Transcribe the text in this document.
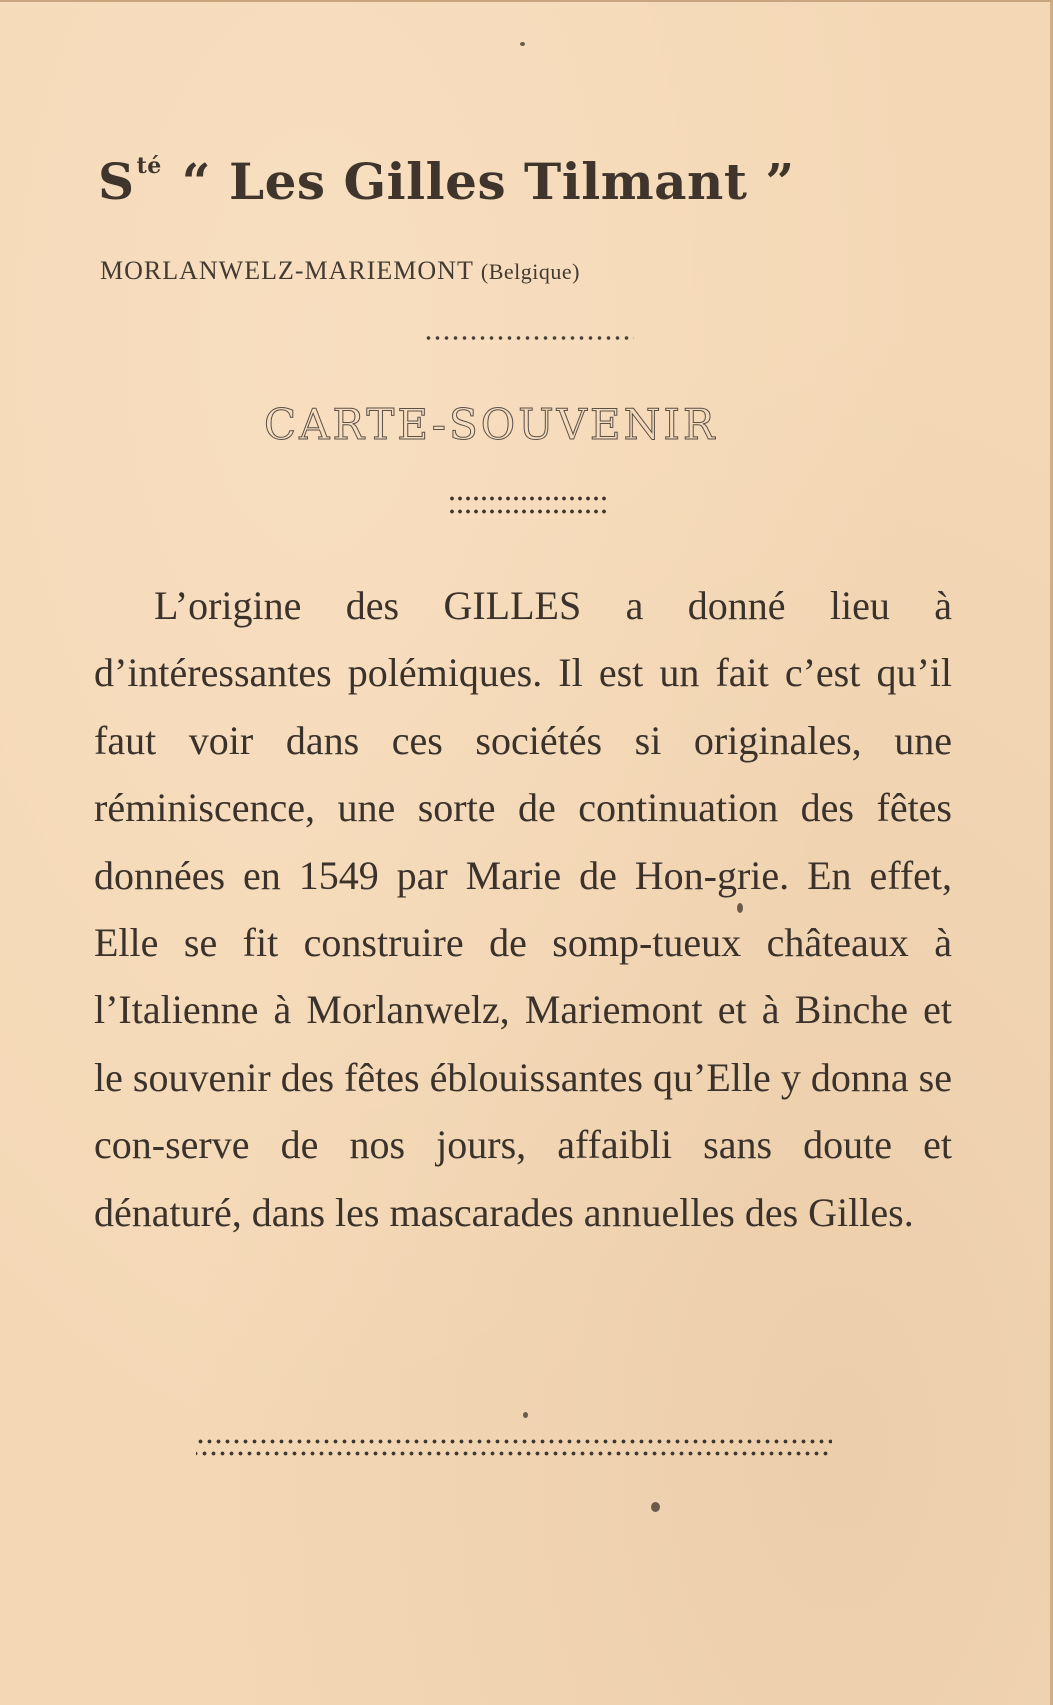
$S^{té}$ “ Les Gilles Tilmant ”
MORLANWELZ-MARIEMONT (Belgique)
CARTE-SOUVENIR

L’origine des GILLES a donné lieu à d’intéressantes polémiques. Il est un fait c’est qu’il faut voir dans ces sociétés si originales, une réminiscence, une sorte de continuation des fêtes données en 1549 par Marie de Hon-grie. En effet, Elle se fit construire de somp-tueux châteaux à l’Italienne à Morlanwelz, Mariemont et à Binche et le souvenir des fêtes éblouissantes qu’Elle y donna se con-serve de nos jours, affaibli sans doute et dénaturé, dans les mascarades annuelles des Gilles.
